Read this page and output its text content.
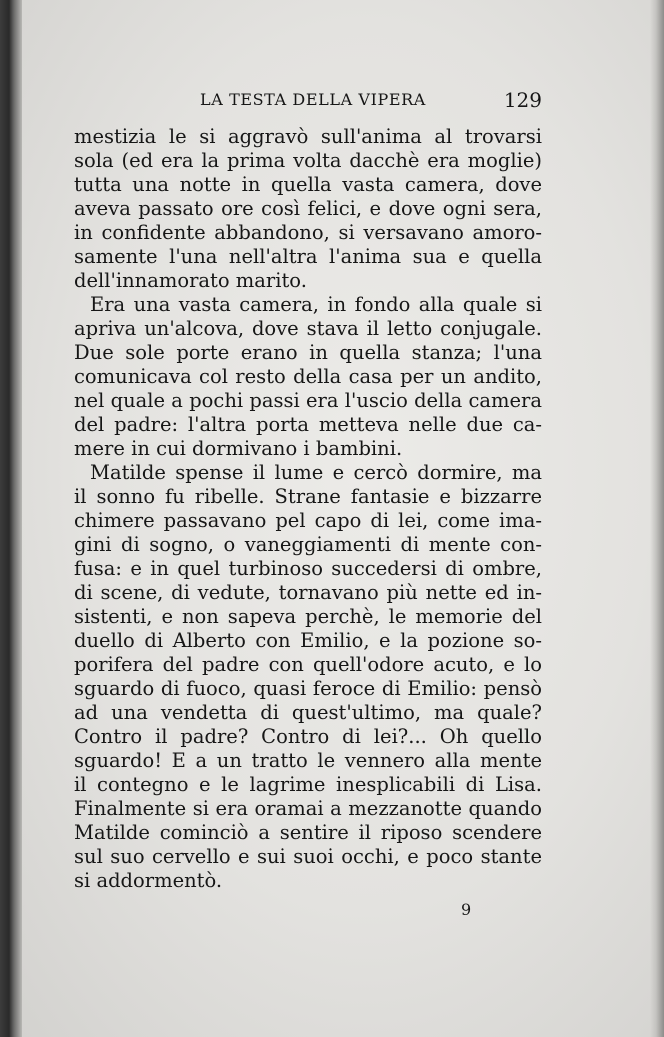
LA TESTA DELLA VIPERA	129
mestizia le si aggravò sull'anima al trovarsi
sola (ed era la prima volta dacchè era moglie)
tutta una notte in quella vasta camera, dove
aveva passato ore così felici, e dove ogni sera,
in confidente abbandono, si versavano amoro-
samente l'una nell'altra l'anima sua e quella
dell'innamorato marito.
Era una vasta camera, in fondo alla quale si
apriva un'alcova, dove stava il letto conjugale.
Due sole porte erano in quella stanza; l'una
comunicava col resto della casa per un andito,
nel quale a pochi passi era l'uscio della camera
del padre: l'altra porta metteva nelle due ca-
mere in cui dormivano i bambini.
Matilde spense il lume e cercò dormire, ma
il sonno fu ribelle. Strane fantasie e bizzarre
chimere passavano pel capo di lei, come ima-
gini di sogno, o vaneggiamenti di mente con-
fusa: e in quel turbinoso succedersi di ombre,
di scene, di vedute, tornavano più nette ed in-
sistenti, e non sapeva perchè, le memorie del
duello di Alberto con Emilio, e la pozione so-
porifera del padre con quell'odore acuto, e lo
sguardo di fuoco, quasi feroce di Emilio: pensò
ad una vendetta di quest'ultimo, ma quale?
Contro il padre? Contro di lei?... Oh quello
sguardo! E a un tratto le vennero alla mente
il contegno e le lagrime inesplicabili di Lisa.
Finalmente si era oramai a mezzanotte quando
Matilde cominciò a sentire il riposo scendere
sul suo cervello e sui suoi occhi, e poco stante
si addormentò.
9
